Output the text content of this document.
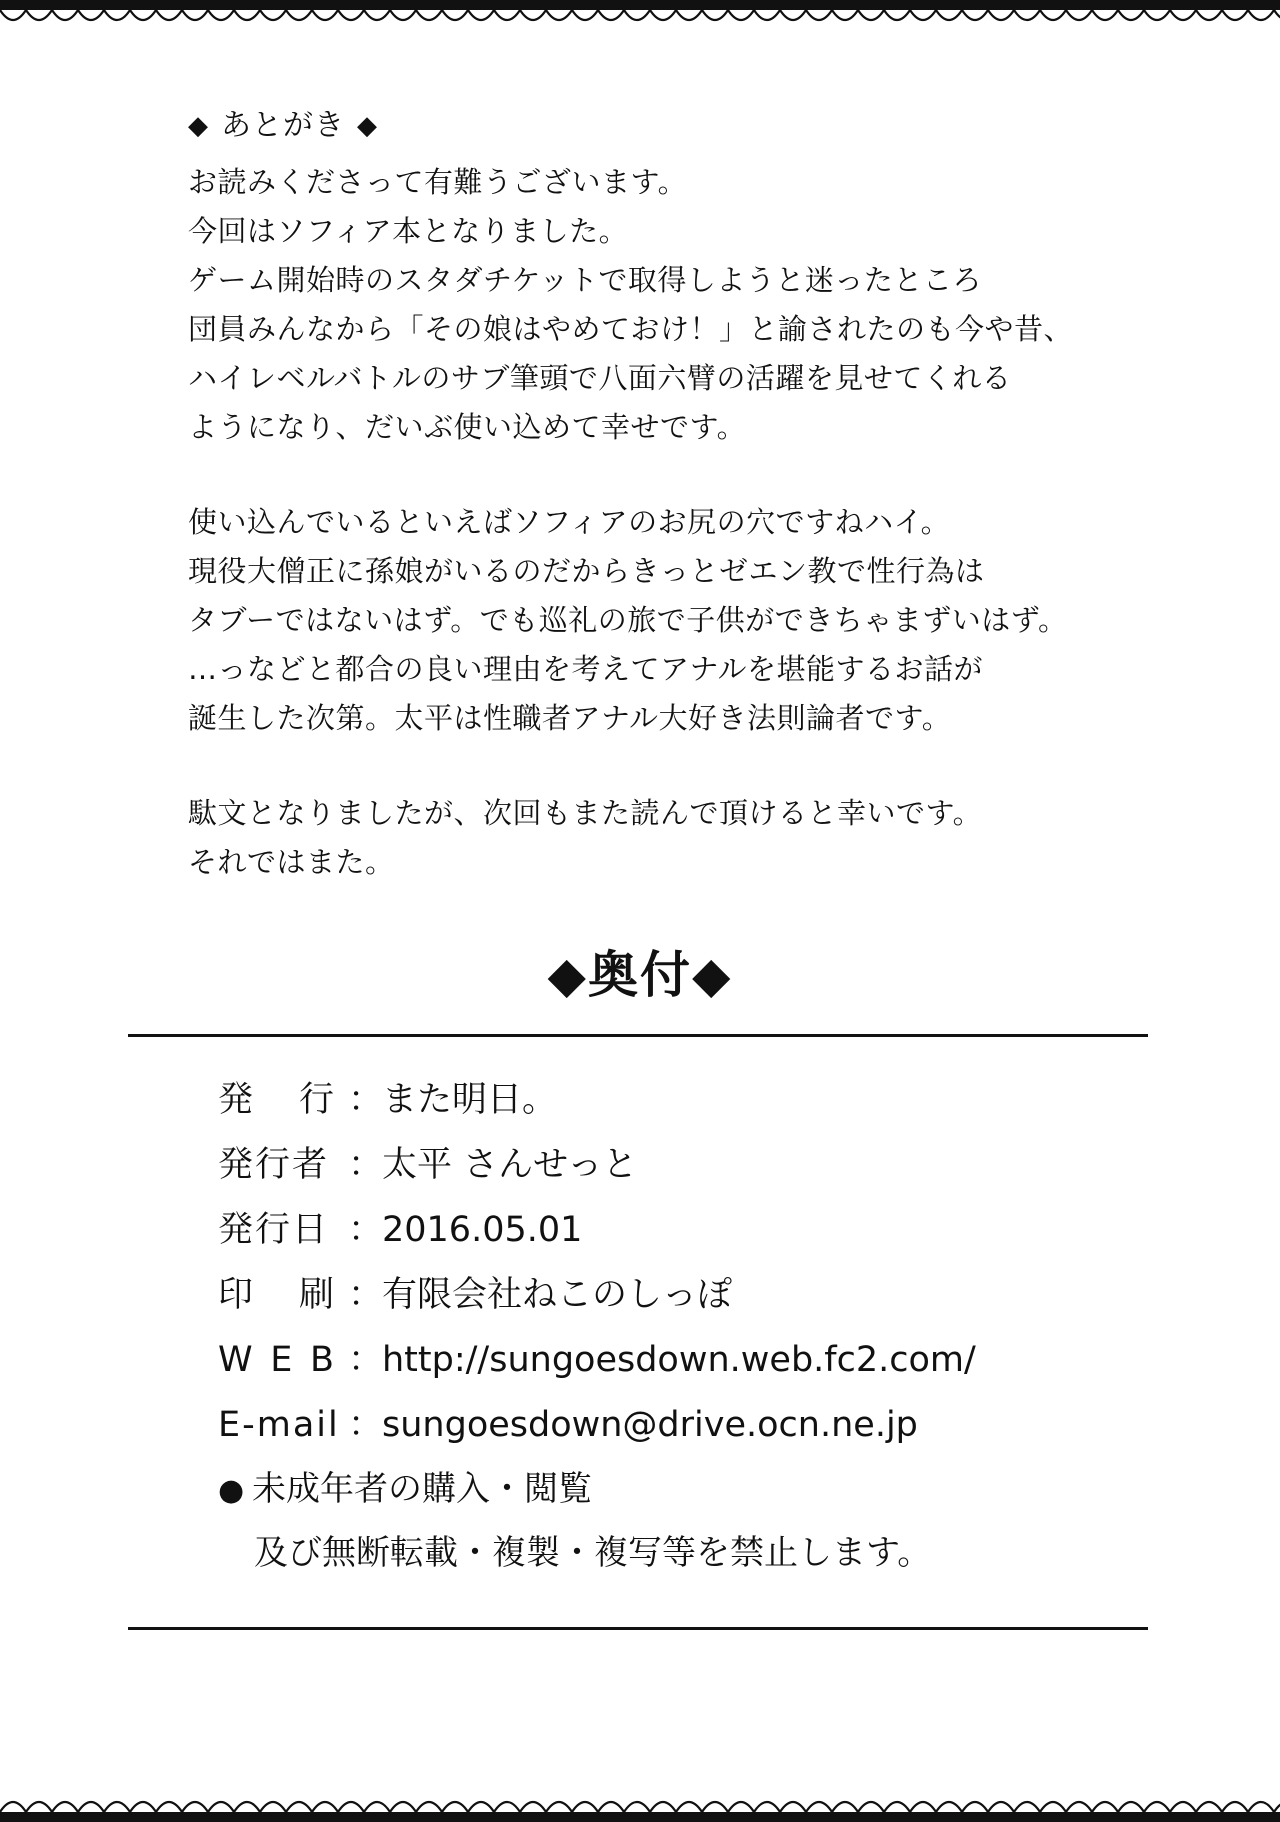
◆ あとがき ◆
お読みくださって有難うございます。
今回はソフィア本となりました。
ゲーム開始時のスタダチケットで取得しようと迷ったところ
団員みんなから「その娘はやめておけ！」と諭されたのも今や昔、
ハイレベルバトルのサブ筆頭で八面六臂の活躍を見せてくれる
ようになり、だいぶ使い込めて幸せです。
使い込んでいるといえばソフィアのお尻の穴ですねハイ。
現役大僧正に孫娘がいるのだからきっとゼエン教で性行為は
タブーではないはず。でも巡礼の旅で子供ができちゃまずいはず。
…っなどと都合の良い理由を考えてアナルを堪能するお話が
誕生した次第。太平は性職者アナル大好き法則論者です。
駄文となりましたが、次回もまた読んで頂けると幸いです。
それではまた。
◆奥付◆
発 行 ：
また明日。
発行者 ：
太平 さんせっと
発行日 ：
2016.05.01
印 刷 ：
有限会社ねこのしっぽ
W E B ：
http://sungoesdown.web.fc2.com/
E-mail ：
sungoesdown@drive.ocn.ne.jp
● 未成年者の購入・閲覧
及び無断転載・複製・複写等を禁止します。
